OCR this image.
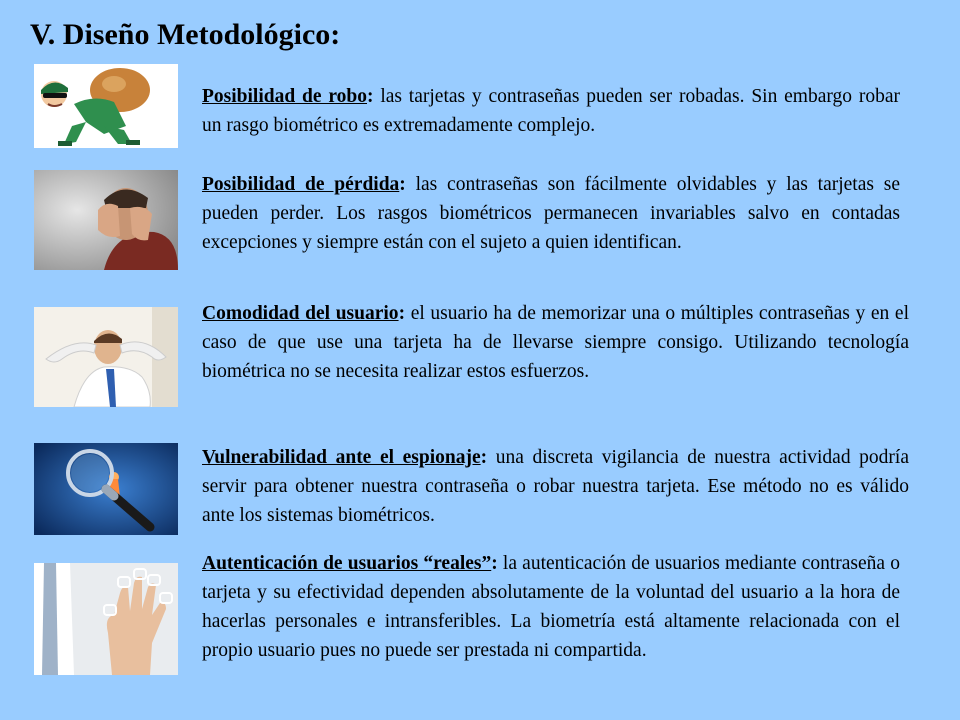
V. Diseño Metodológico:

Posibilidad de robo: las tarjetas y contraseñas pueden ser robadas. Sin embargo robar un rasgo biométrico es extremadamente complejo.

Posibilidad de pérdida: las contraseñas son fácilmente olvidables y las tarjetas se pueden perder. Los rasgos biométricos permanecen invariables salvo en contadas excepciones y siempre están con el sujeto a quien identifican.

Comodidad del usuario: el usuario ha de memorizar una o múltiples contraseñas y en el caso de que use una tarjeta ha de llevarse siempre consigo. Utilizando tecnología biométrica no se necesita realizar estos esfuerzos.

Vulnerabilidad ante el espionaje: una discreta vigilancia de nuestra actividad podría servir para obtener nuestra contraseña o robar nuestra tarjeta. Ese método no es válido ante los sistemas biométricos.

Autenticación de usuarios “reales”: la autenticación de usuarios mediante contraseña o tarjeta y su efectividad dependen absolutamente de la voluntad del usuario a la hora de hacerlas personales e intransferibles. La biometría está altamente relacionada con el propio usuario pues no puede ser prestada ni compartida.
